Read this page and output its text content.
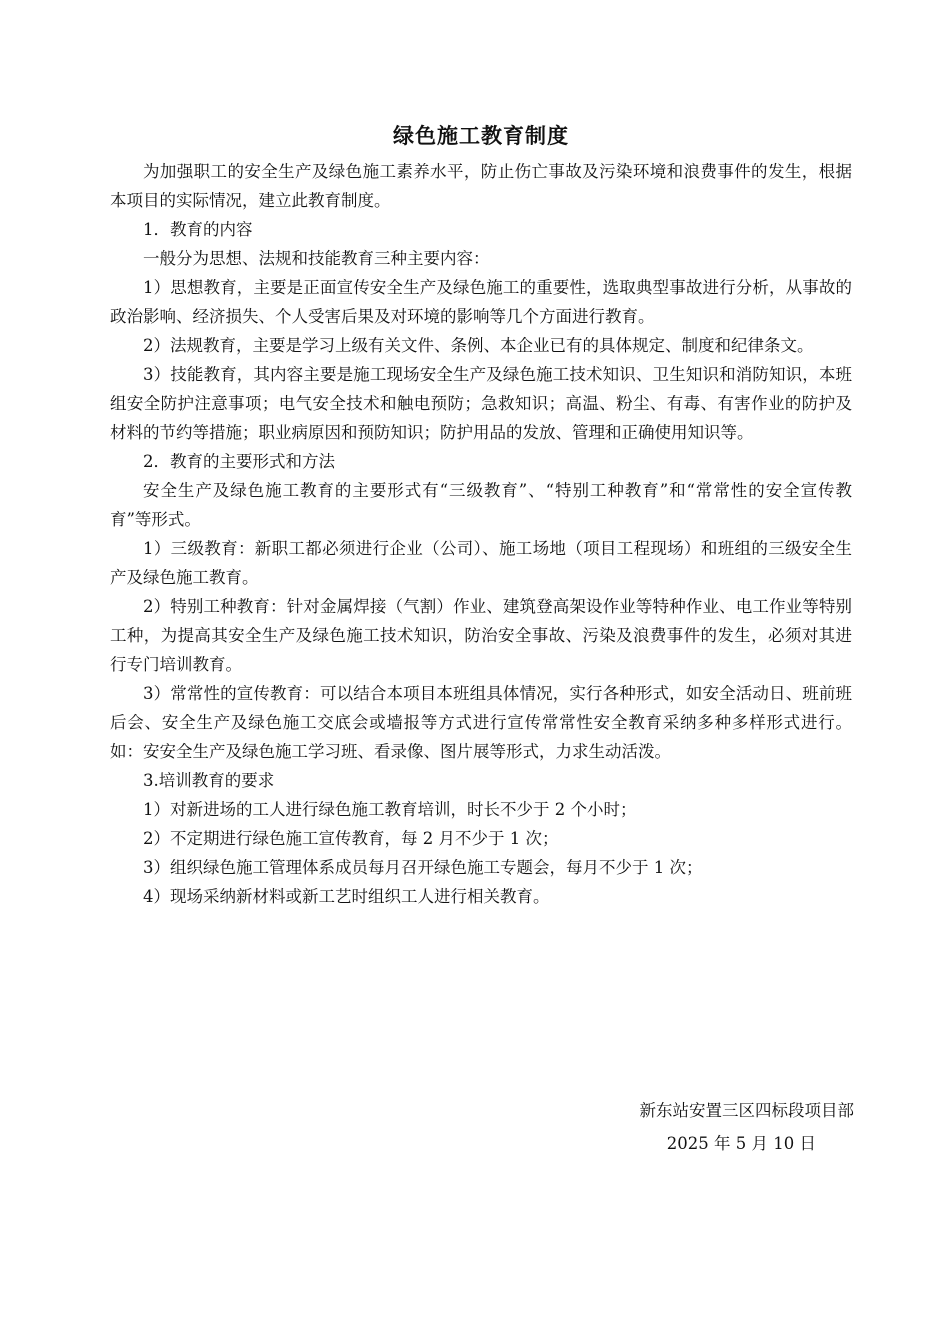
绿色施工教育制度

为加强职工的安全生产及绿色施工素养水平，防止伤亡事故及污染环境和浪费事件的发生，根据本项目的实际情况，建立此教育制度。

1．教育的内容

一般分为思想、法规和技能教育三种主要内容：

1）思想教育，主要是正面宣传安全生产及绿色施工的重要性，选取典型事故进行分析，从事故的政治影响、经济损失、个人受害后果及对环境的影响等几个方面进行教育。

2）法规教育，主要是学习上级有关文件、条例、本企业已有的具体规定、制度和纪律条文。

3）技能教育，其内容主要是施工现场安全生产及绿色施工技术知识、卫生知识和消防知识，本班组安全防护注意事项；电气安全技术和触电预防；急救知识；高温、粉尘、有毒、有害作业的防护及材料的节约等措施；职业病原因和预防知识；防护用品的发放、管理和正确使用知识等。

2．教育的主要形式和方法

安全生产及绿色施工教育的主要形式有“三级教育”、“特别工种教育”和“常常性的安全宣传教育”等形式。

1）三级教育：新职工都必须进行企业（公司）、施工场地（项目工程现场）和班组的三级安全生产及绿色施工教育。

2）特别工种教育：针对金属焊接（气割）作业、建筑登高架设作业等特种作业、电工作业等特别工种，为提高其安全生产及绿色施工技术知识，防治安全事故、污染及浪费事件的发生，必须对其进行专门培训教育。

3）常常性的宣传教育：可以结合本项目本班组具体情况，实行各种形式，如安全活动日、班前班后会、安全生产及绿色施工交底会或墙报等方式进行宣传常常性安全教育采纳多种多样形式进行。如：安安全生产及绿色施工学习班、看录像、图片展等形式，力求生动活泼。

3.培训教育的要求

1）对新进场的工人进行绿色施工教育培训，时长不少于 2 个小时；

2）不定期进行绿色施工宣传教育，每 2 月不少于 1 次；

3）组织绿色施工管理体系成员每月召开绿色施工专题会，每月不少于 1 次；

4）现场采纳新材料或新工艺时组织工人进行相关教育。

新东站安置三区四标段项目部
2025 年 5 月 10 日
